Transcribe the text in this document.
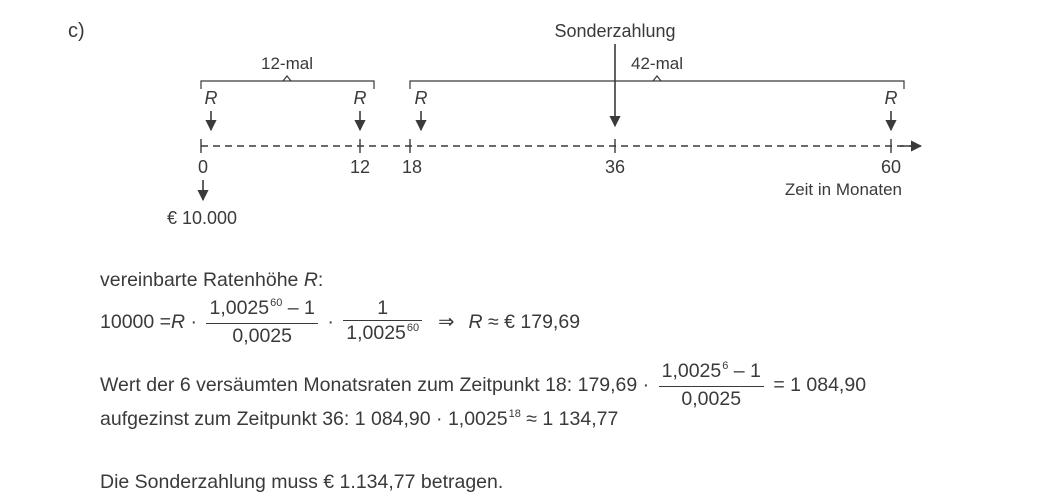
c)	Sonderzahlung
12-mal	42-mal
R	R	R	R
0	12 18	36	60
Zeit in Monaten
€ 10.000
vereinbarte Ratenhöhe R:
$10000 = R \cdot \frac{1,0025^{60} - 1}{0,0025} \cdot \frac{1}{1,0025^{60}}$ ⇒ R ≈ € 179,69
Wert der 6 versäumten Monatsraten zum Zeitpunkt 18: $179,69 \cdot \frac{1,0025^6 - 1}{0,0025} = 1$ 084,90
aufgezinst zum Zeitpunkt 36: 1 $084,90 \cdot 1,0025^{18} \approx 1$ 134,77
Die Sonderzahlung muss € 1.134,77 betragen.
